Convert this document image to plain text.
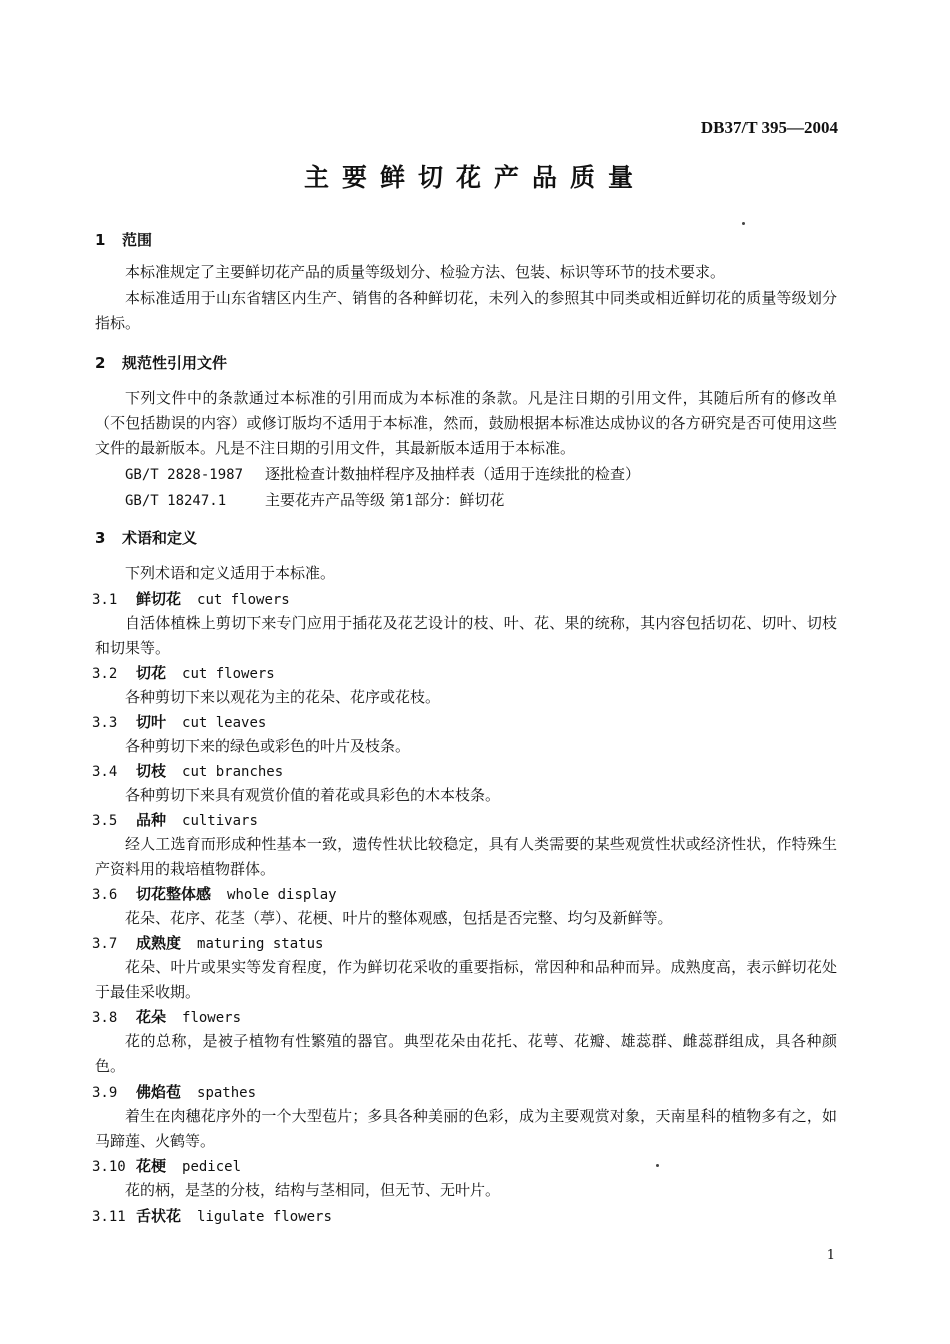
DB37/T 395—2004
主要鲜切花产品质量
1 范围
本标准规定了主要鲜切花产品的质量等级划分、检验方法、包装、标识等环节的技术要求。
本标准适用于山东省辖区内生产、销售的各种鲜切花，未列入的参照其中同类或相近鲜切花的质量等级划分指标。
2 规范性引用文件
下列文件中的条款通过本标准的引用而成为本标准的条款。凡是注日期的引用文件，其随后所有的修改单（不包括勘误的内容）或修订版均不适用于本标准，然而，鼓励根据本标准达成协议的各方研究是否可使用这些文件的最新版本。凡是不注日期的引用文件，其最新版本适用于本标准。
GB/T 2828-1987 逐批检查计数抽样程序及抽样表（适用于连续批的检查）
GB/T 18247.1	主要花卉产品等级 第1部分：鲜切花
3 术语和定义
下列术语和定义适用于本标准。
3.1 鲜切花 cut flowers
自活体植株上剪切下来专门应用于插花及花艺设计的枝、叶、花、果的统称，其内容包括切花、切叶、切枝和切果等。
3.2 切花 cut flowers
各种剪切下来以观花为主的花朵、花序或花枝。
3.3 切叶 cut leaves
各种剪切下来的绿色或彩色的叶片及枝条。
3.4 切枝 cut branches
各种剪切下来具有观赏价值的着花或具彩色的木本枝条。
3.5 品种 cultivars
经人工选育而形成种性基本一致，遗传性状比较稳定，具有人类需要的某些观赏性状或经济性状，作特殊生产资料用的栽培植物群体。
3.6 切花整体感 whole display
花朵、花序、花茎（葶）、花梗、叶片的整体观感，包括是否完整、均匀及新鲜等。
3.7 成熟度 maturing status
花朵、叶片或果实等发育程度，作为鲜切花采收的重要指标，常因种和品种而异。成熟度高，表示鲜切花处于最佳采收期。
3.8 花朵 flowers
花的总称，是被子植物有性繁殖的器官。典型花朵由花托、花萼、花瓣、雄蕊群、雌蕊群组成，具各种颜色。
3.9 佛焰苞 spathes
着生在肉穗花序外的一个大型苞片；多具各种美丽的色彩，成为主要观赏对象，天南星科的植物多有之，如马蹄莲、火鹤等。
3.10 花梗 pedicel
花的柄，是茎的分枝，结构与茎相同，但无节、无叶片。
3.11 舌状花 ligulate flowers
1
